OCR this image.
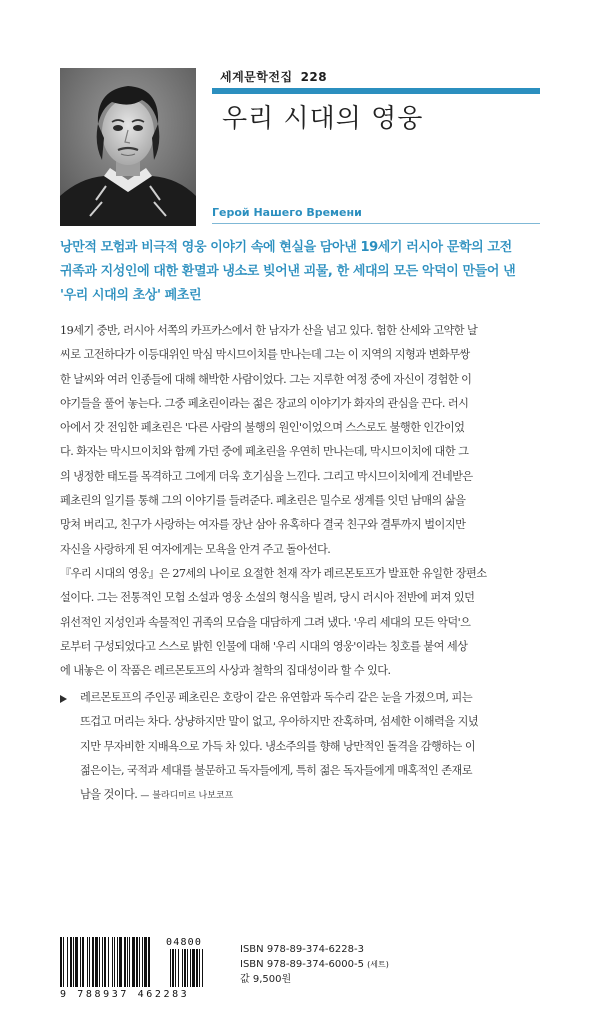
세계문학전집 228
우리 시대의 영웅
Герой Нашего Времени
낭만적 모험과 비극적 영웅 이야기 속에 현실을 담아낸 19세기 러시아 문학의 고전
귀족과 지성인에 대한 환멸과 냉소로 빚어낸 괴물, 한 세대의 모든 악덕이 만들어 낸
'우리 시대의 초상' 페초린
19세기 중반, 러시아 서쪽의 카프카스에서 한 남자가 산을 넘고 있다. 험한 산세와 고약한 날
씨로 고전하다가 이등대위인 막심 막시므이치를 만나는데 그는 이 지역의 지형과 변화무쌍
한 날씨와 여러 인종들에 대해 해박한 사람이었다. 그는 지루한 여정 중에 자신이 경험한 이
야기들을 풀어 놓는다. 그중 페초린이라는 젊은 장교의 이야기가 화자의 관심을 끈다. 러시
아에서 갓 전임한 페초린은 '다른 사람의 불행의 원인'이었으며 스스로도 불행한 인간이었
다. 화자는 막시므이치와 함께 가던 중에 페초린을 우연히 만나는데, 막시므이치에 대한 그
의 냉정한 태도를 목격하고 그에게 더욱 호기심을 느낀다. 그리고 막시므이치에게 건네받은
페초린의 일기를 통해 그의 이야기를 들려준다. 페초린은 밀수로 생계를 잇던 남매의 삶을
망쳐 버리고, 친구가 사랑하는 여자를 장난 삼아 유혹하다 결국 친구와 결투까지 벌이지만
자신을 사랑하게 된 여자에게는 모욕을 안겨 주고 돌아선다.
『우리 시대의 영웅』은 27세의 나이로 요절한 천재 작가 레르몬토프가 발표한 유일한 장편소
설이다. 그는 전통적인 모험 소설과 영웅 소설의 형식을 빌려, 당시 러시아 전반에 퍼져 있던
위선적인 지성인과 속물적인 귀족의 모습을 대담하게 그려 냈다. '우리 세대의 모든 악덕'으
로부터 구성되었다고 스스로 밝힌 인물에 대해 '우리 시대의 영웅'이라는 칭호를 붙여 세상
에 내놓은 이 작품은 레르몬토프의 사상과 철학의 집대성이라 할 수 있다.
레르몬토프의 주인공 페초린은 호랑이 같은 유연함과 독수리 같은 눈을 가졌으며, 피는
뜨겁고 머리는 차다. 상냥하지만 말이 없고, 우아하지만 잔혹하며, 섬세한 이해력을 지녔
지만 무자비한 지배욕으로 가득 차 있다. 냉소주의를 향해 낭만적인 돌격을 감행하는 이
젊은이는, 국적과 세대를 불문하고 독자들에게, 특히 젊은 독자들에게 매혹적인 존재로
남을 것이다. — 블라디미르 나보코프
04800
9 788937 462283
ISBN 978-89-374-6228-3
ISBN 978-89-374-6000-5 (세트)
값 9,500원
